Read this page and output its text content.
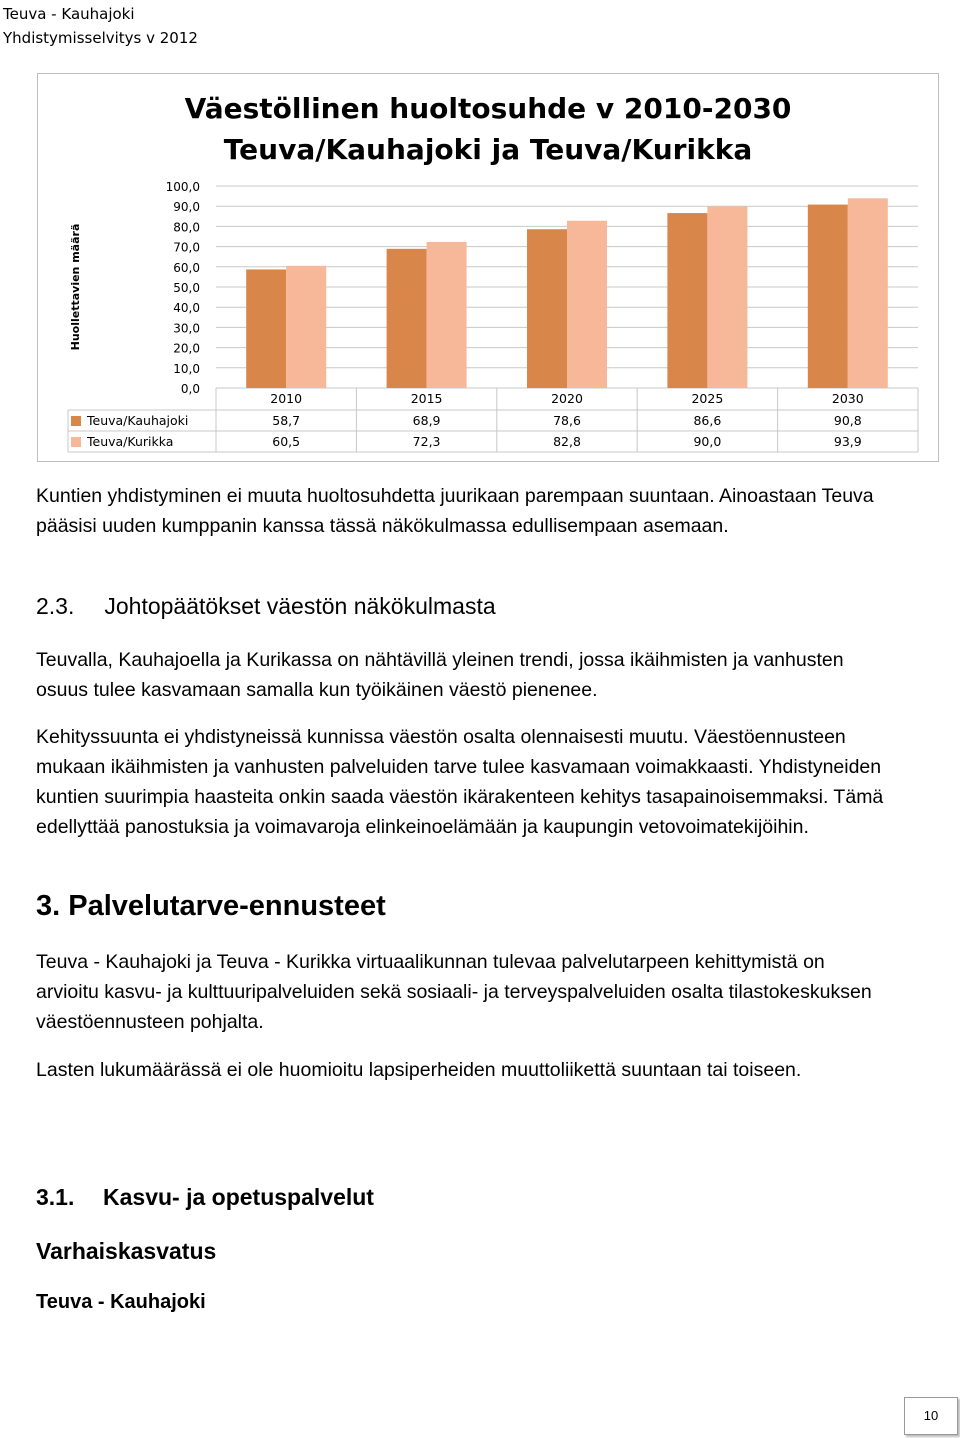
Teuva - Kauhajoki
Yhdistymisselvitys v 2012
Väestöllinen huoltosuhde v 2010-2030
Teuva/Kauhajoki ja Teuva/Kurikka
Huollettavien määrä
100,0
90,0
80,0
70,0
60,0
50,0
40,0
30,0
20,0
10,0
0,0
2010	2015	2020	2025	2030
Teuva/Kauhajoki	58,7	68,9	78,6	86,6	90,8
Teuva/Kurikka	60,5	72,3	82,8	90,0	93,9

Kuntien yhdistyminen ei muuta huoltosuhdetta juurikaan parempaan suuntaan. Ainoastaan Teuva pääsisi uuden kumppanin kanssa tässä näkökulmassa edullisempaan asemaan.

2.3. Johtopäätökset väestön näkökulmasta

Teuvalla, Kauhajoella ja Kurikassa on nähtävillä yleinen trendi, jossa ikäihmisten ja vanhusten osuus tulee kasvamaan samalla kun työikäinen väestö pienenee.

Kehityssuunta ei yhdistyneissä kunnissa väestön osalta olennaisesti muutu. Väestöennusteen mukaan ikäihmisten ja vanhusten palveluiden tarve tulee kasvamaan voimakkaasti. Yhdistyneiden kuntien suurimpia haasteita onkin saada väestön ikärakenteen kehitys tasapainoisemmaksi. Tämä edellyttää panostuksia ja voimavaroja elinkeinoelämään ja kaupungin vetovoimatekijöihin.

3. Palvelutarve-ennusteet

Teuva - Kauhajoki ja Teuva - Kurikka virtuaalikunnan tulevaa palvelutarpeen kehittymistä on arvioitu kasvu- ja kulttuuripalveluiden sekä sosiaali- ja terveyspalveluiden osalta tilastokeskuksen väestöennusteen pohjalta.

Lasten lukumäärässä ei ole huomioitu lapsiperheiden muuttoliikettä suuntaan tai toiseen.

3.1. Kasvu- ja opetuspalvelut
Varhaiskasvatus
Teuva - Kauhajoki
10
